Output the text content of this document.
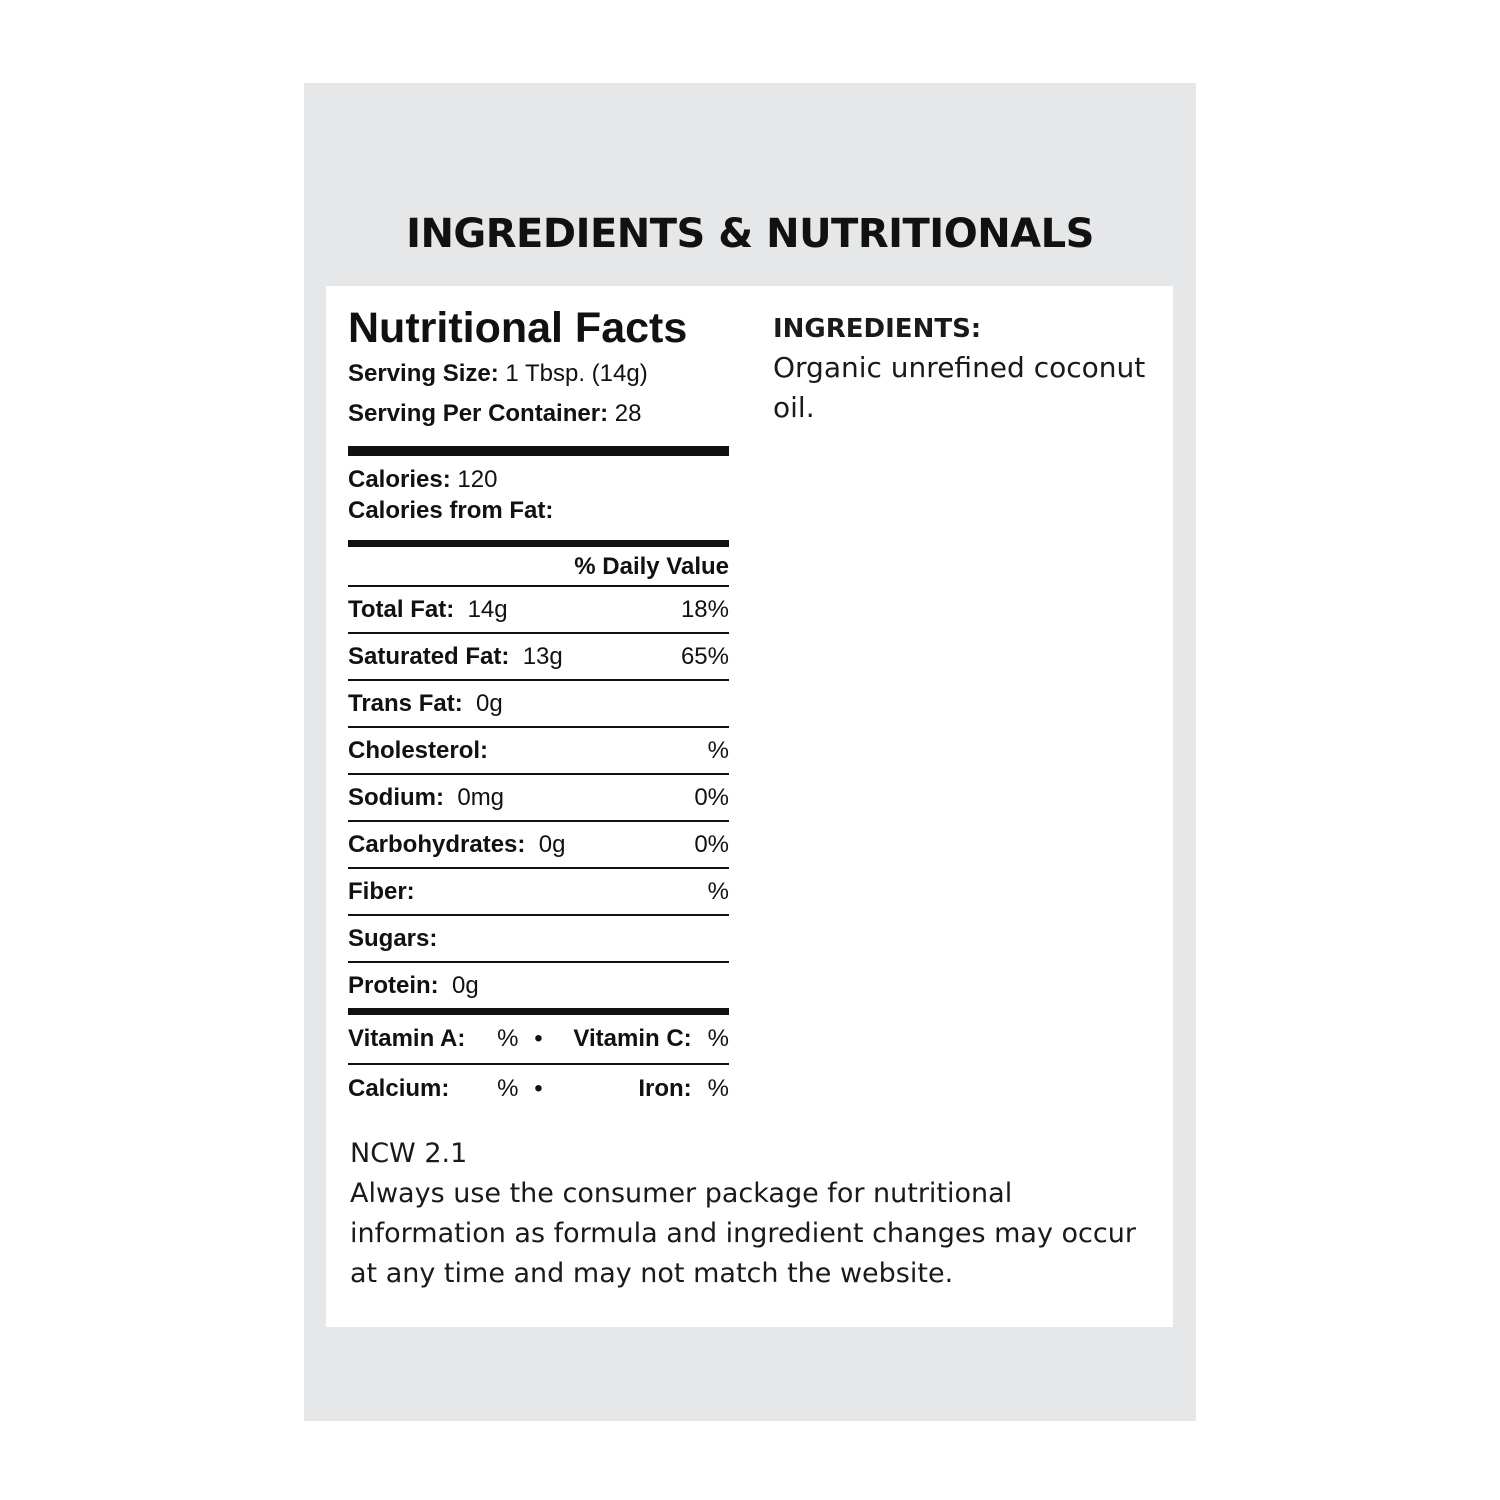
INGREDIENTS & NUTRITIONALS
Nutritional Facts
Serving Size: 1 Tbsp. (14g)
Serving Per Container: 28
Calories: 120
Calories from Fat:
% Daily Value
Total Fat: 14g	18%
Saturated Fat: 13g	65%
Trans Fat: 0g
Cholesterol:	%
Sodium: 0mg	0%
Carbohydrates: 0g	0%
Fiber:	%
Sugars:
Protein: 0g
Vitamin A: % •	Vitamin C: %
Calcium: % •	Iron: %
INGREDIENTS:
Organic unrefined coconut oil.
NCW 2.1
Always use the consumer package for nutritional information as formula and ingredient changes may occur at any time and may not match the website.
